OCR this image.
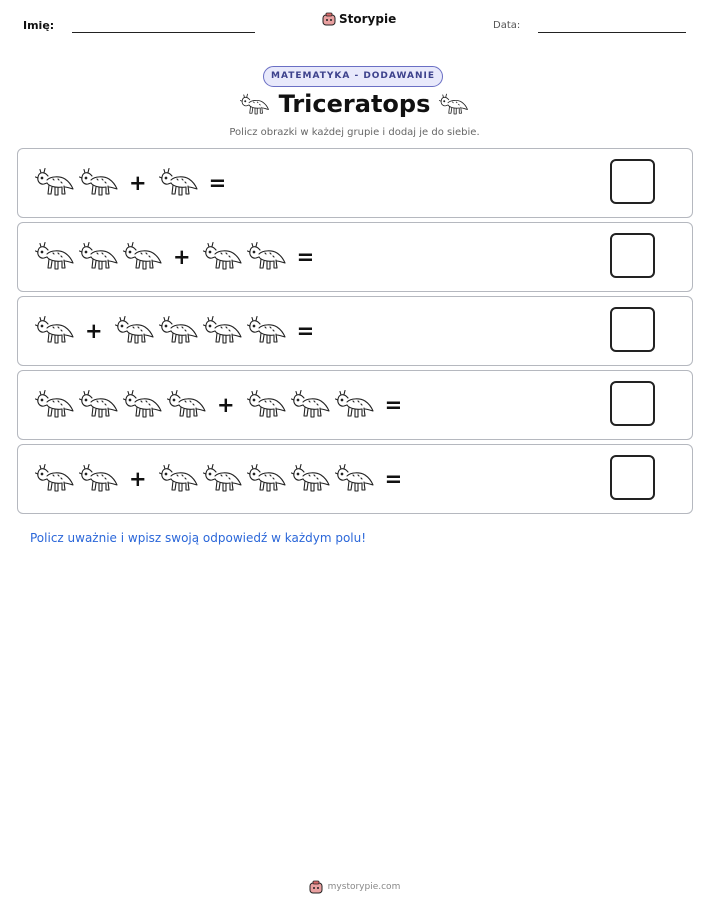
Imię:	Storypie	Data:
MATEMATYKA - DODAWANIE
Triceratops
Policz obrazki w każdej grupie i dodaj je do siebie.
+	=
+	=
+	=
+	=
+	=
Policz uważnie i wpisz swoją odpowiedź w każdym polu!
mystorypie.com
